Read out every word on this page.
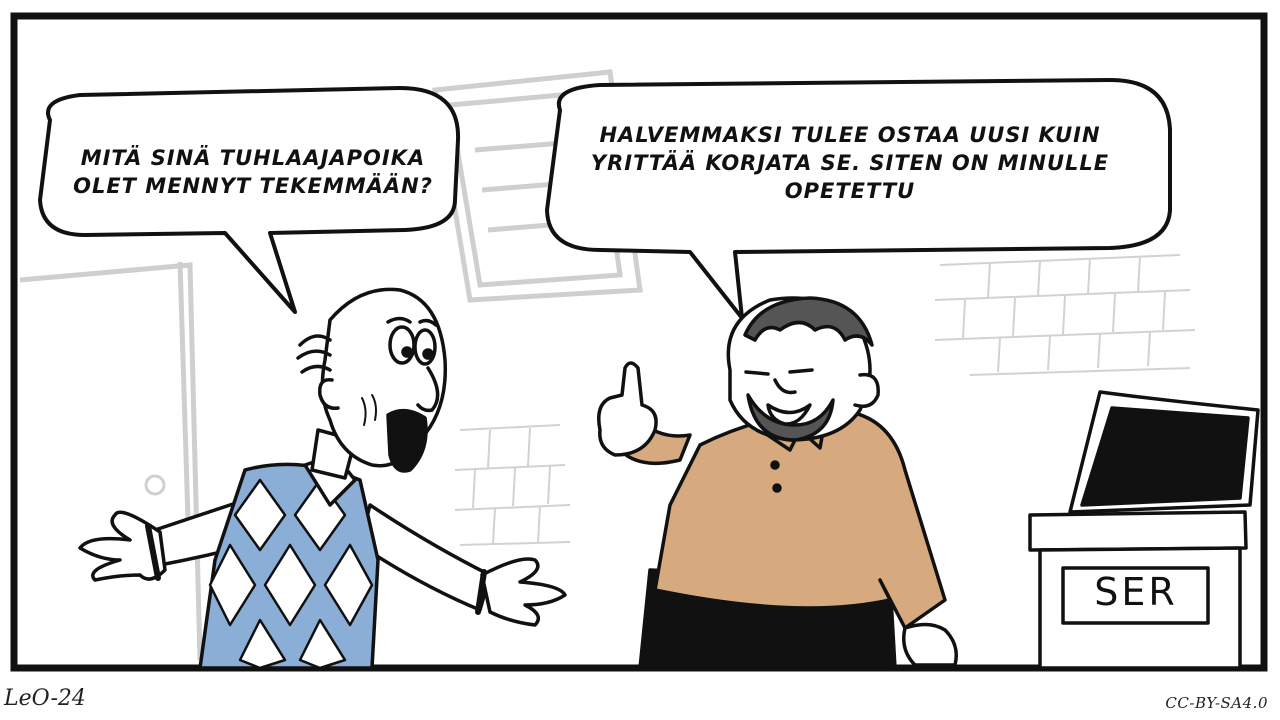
MITÄ SINÄ TUHLAAJAPOIKA OLET MENNYT TEKEMMÄÄN?
HALVEMMAKSI TULEE OSTAA UUSI KUIN YRITTÄÄ KORJATA SE. SITEN ON MINULLE OPETETTU
SER
LeO-24	CC-BY-SA4.0
